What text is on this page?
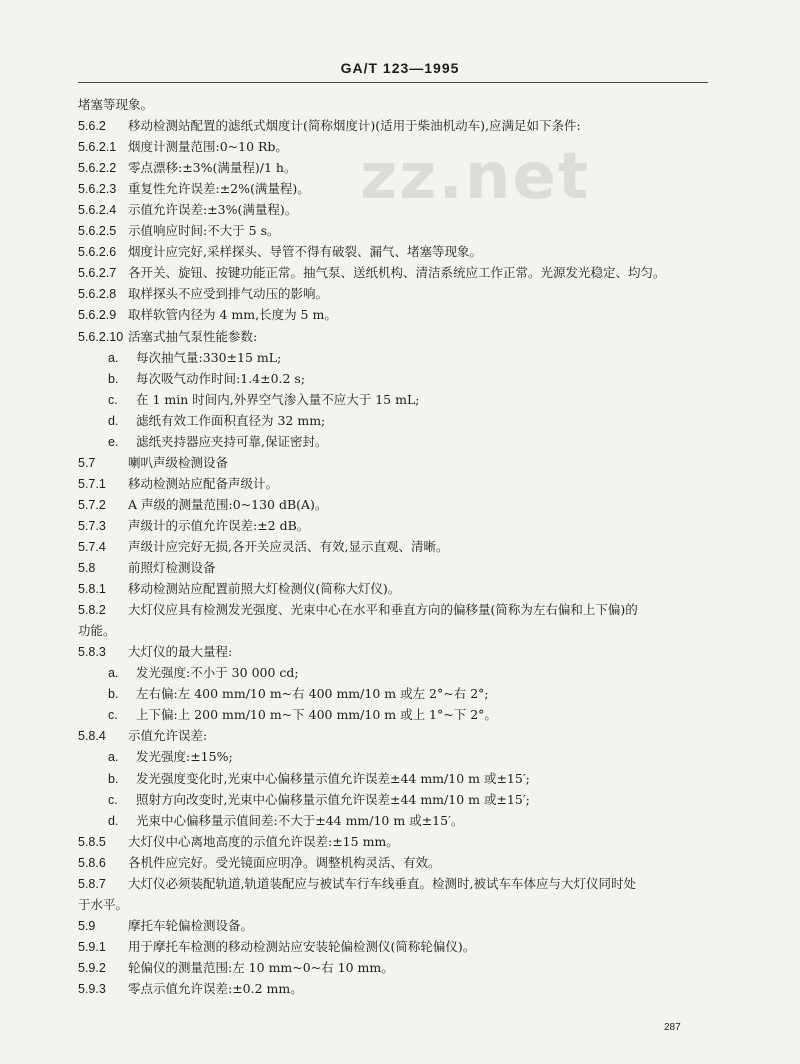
GA/T 123—1995
zz.net
堵塞等现象。
5.6.2 移动检测站配置的滤纸式烟度计(简称烟度计)(适用于柴油机动车),应满足如下条件:
5.6.2.1 烟度计测量范围:0~10 Rb。
5.6.2.2 零点漂移:±3%(满量程)/1 h。
5.6.2.3 重复性允许误差:±2%(满量程)。
5.6.2.4 示值允许误差:±3%(满量程)。
5.6.2.5 示值响应时间:不大于 5 s。
5.6.2.6 烟度计应完好,采样探头、导管不得有破裂、漏气、堵塞等现象。
5.6.2.7 各开关、旋钮、按键功能正常。抽气泵、送纸机构、清洁系统应工作正常。光源发光稳定、均匀。
5.6.2.8 取样探头不应受到排气动压的影响。
5.6.2.9 取样软管内径为 4 mm,长度为 5 m。
5.6.2.10 活塞式抽气泵性能参数:
a. 每次抽气量:330±15 mL;
b. 每次吸气动作时间:1.4±0.2 s;
c. 在 1 min 时间内,外界空气渗入量不应大于 15 mL;
d. 滤纸有效工作面积直径为 32 mm;
e. 滤纸夹持器应夹持可靠,保证密封。
5.7	喇叭声级检测设备
5.7.1 移动检测站应配备声级计。
5.7.2 A 声级的测量范围:0~130 dB(A)。
5.7.3 声级计的示值允许误差:±2 dB。
5.7.4 声级计应完好无损,各开关应灵活、有效,显示直观、清晰。
5.8	前照灯检测设备
5.8.1 移动检测站应配置前照大灯检测仪(简称大灯仪)。
5.8.2 大灯仪应具有检测发光强度、光束中心在水平和垂直方向的偏移量(简称为左右偏和上下偏)的
功能。
5.8.3 大灯仪的最大量程:
a. 发光强度:不小于 30 000 cd;
b. 左右偏:左 400 mm/10 m~右 400 mm/10 m 或左 2°~右 2°;
c. 上下偏:上 200 mm/10 m~下 400 mm/10 m 或上 1°~下 2°。
5.8.4 示值允许误差:
a. 发光强度:±15%;
b. 发光强度变化时,光束中心偏移量示值允许误差±44 mm/10 m 或±15′;
c. 照射方向改变时,光束中心偏移量示值允许误差±44 mm/10 m 或±15′;
d. 光束中心偏移量示值间差:不大于±44 mm/10 m 或±15′。
5.8.5 大灯仪中心离地高度的示值允许误差:±15 mm。
5.8.6 各机件应完好。受光镜面应明净。调整机构灵活、有效。
5.8.7 大灯仪必须装配轨道,轨道装配应与被试车行车线垂直。检测时,被试车车体应与大灯仪同时处
于水平。
5.9	摩托车轮偏检测设备。
5.9.1 用于摩托车检测的移动检测站应安装轮偏检测仪(简称轮偏仪)。
5.9.2 轮偏仪的测量范围:左 10 mm~0~右 10 mm。
5.9.3 零点示值允许误差:±0.2 mm。
287
